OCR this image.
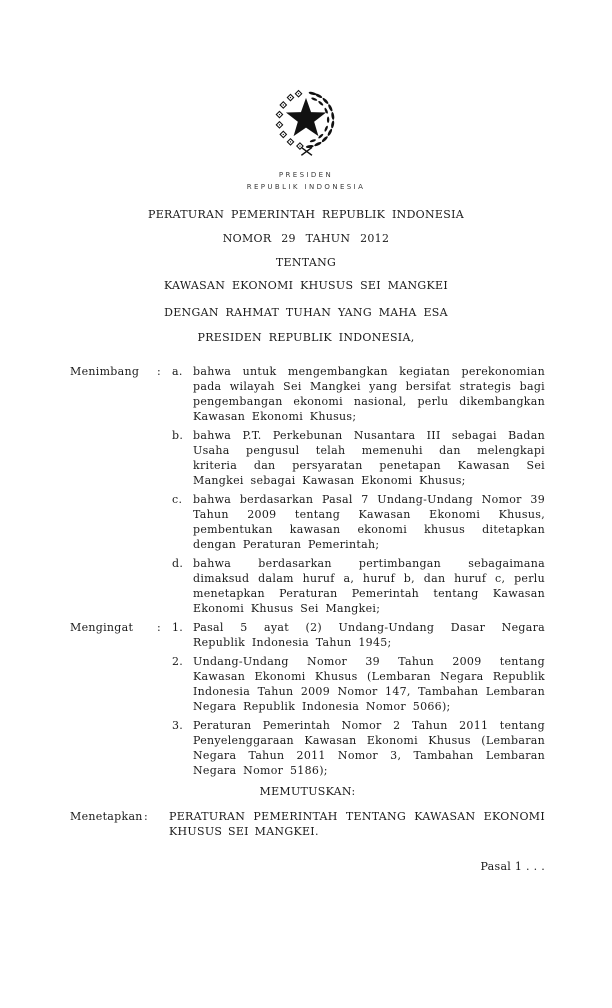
PRESIDEN
REPUBLIK INDONESIA
PERATURAN PEMERINTAH REPUBLIK INDONESIA
NOMOR 29 TAHUN 2012
TENTANG
KAWASAN EKONOMI KHUSUS SEI MANGKEI
DENGAN RAHMAT TUHAN YANG MAHA ESA
PRESIDEN REPUBLIK INDONESIA,
Menimbang	: a. bahwa untuk mengembangkan kegiatan perekonomian pada wilayah Sei Mangkei yang bersifat strategis bagi pengembangan ekonomi nasional, perlu dikembangkan Kawasan Ekonomi Khusus;
b. bahwa P.T. Perkebunan Nusantara III sebagai Badan Usaha pengusul telah memenuhi dan melengkapi kriteria dan persyaratan penetapan Kawasan Sei Mangkei sebagai Kawasan Ekonomi Khusus;
c. bahwa berdasarkan Pasal 7 Undang-Undang Nomor 39 Tahun 2009 tentang Kawasan Ekonomi Khusus, pembentukan kawasan ekonomi khusus ditetapkan dengan Peraturan Pemerintah;
d. bahwa berdasarkan pertimbangan sebagaimana dimaksud dalam huruf a, huruf b, dan huruf c, perlu menetapkan Peraturan Pemerintah tentang Kawasan Ekonomi Khusus Sei Mangkei;
Mengingat	: 1. Pasal 5 ayat (2) Undang-Undang Dasar Negara Republik Indonesia Tahun 1945;
2. Undang-Undang Nomor 39 Tahun 2009 tentang Kawasan Ekonomi Khusus (Lembaran Negara Republik Indonesia Tahun 2009 Nomor 147, Tambahan Lembaran Negara Republik Indonesia Nomor 5066);
3. Peraturan Pemerintah Nomor 2 Tahun 2011 tentang Penyelenggaraan Kawasan Ekonomi Khusus (Lembaran Negara Tahun 2011 Nomor 3, Tambahan Lembaran Negara Nomor 5186);
MEMUTUSKAN:
Menetapkan :	PERATURAN PEMERINTAH TENTANG KAWASAN EKONOMI KHUSUS SEI MANGKEI.
Pasal 1 . . .
